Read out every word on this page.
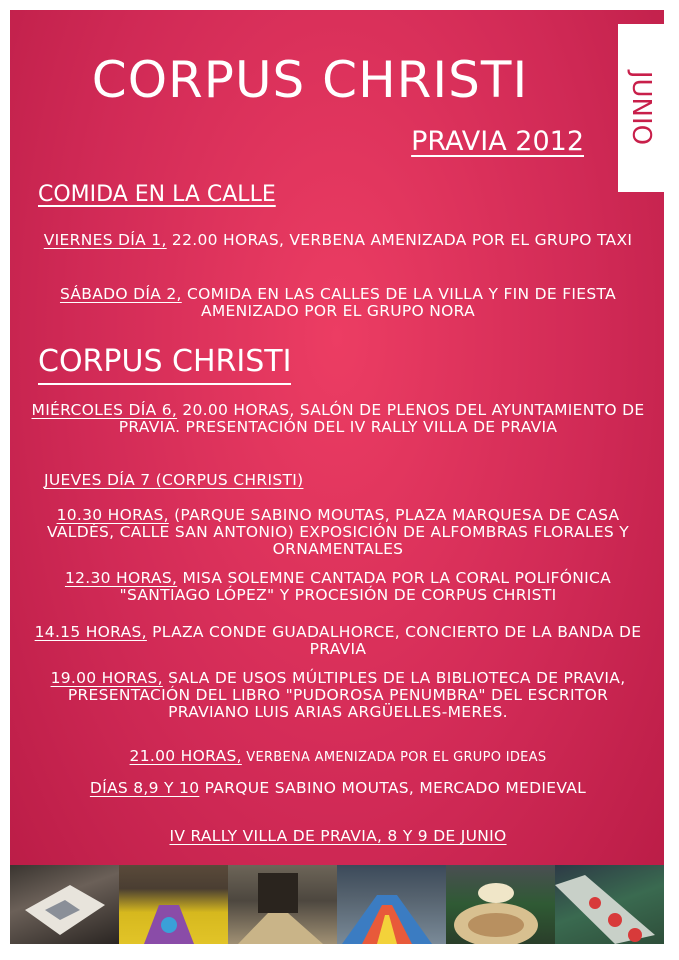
CORPUS CHRISTI
PRAVIA 2012 JUNIO
COMIDA EN LA CALLE
VIERNES DÍA 1, 22.00 HORAS, VERBENA AMENIZADA POR EL GRUPO TAXI
SÁBADO DÍA 2, COMIDA EN LAS CALLES DE LA VILLA Y FIN DE FIESTA AMENIZADO POR EL GRUPO NORA
CORPUS CHRISTI
MIÉRCOLES DÍA 6, 20.00 HORAS, SALÓN DE PLENOS DEL AYUNTAMIENTO DE PRAVIA. PRESENTACIÓN DEL IV RALLY VILLA DE PRAVIA
JUEVES DÍA 7 (CORPUS CHRISTI)
10.30 HORAS, (PARQUE SABINO MOUTAS, PLAZA MARQUESA DE CASA VALDÉS, CALLE SAN ANTONIO) EXPOSICIÓN DE ALFOMBRAS FLORALES Y ORNAMENTALES
12.30 HORAS, MISA SOLEMNE CANTADA POR LA CORAL POLIFÓNICA "SANTIAGO LÓPEZ" Y PROCESIÓN DE CORPUS CHRISTI
14.15 HORAS, PLAZA CONDE GUADALHORCE, CONCIERTO DE LA BANDA DE PRAVIA
19.00 HORAS, SALA DE USOS MÚLTIPLES DE LA BIBLIOTECA DE PRAVIA, PRESENTACIÓN DEL LIBRO "PUDOROSA PENUMBRA" DEL ESCRITOR PRAVIANO LUIS ARIAS ARGÜELLES-MERES.
21.00 HORAS, VERBENA AMENIZADA POR EL GRUPO IDEAS
DÍAS 8,9 Y 10 PARQUE SABINO MOUTAS, MERCADO MEDIEVAL
IV RALLY VILLA DE PRAVIA, 8 Y 9 DE JUNIO
